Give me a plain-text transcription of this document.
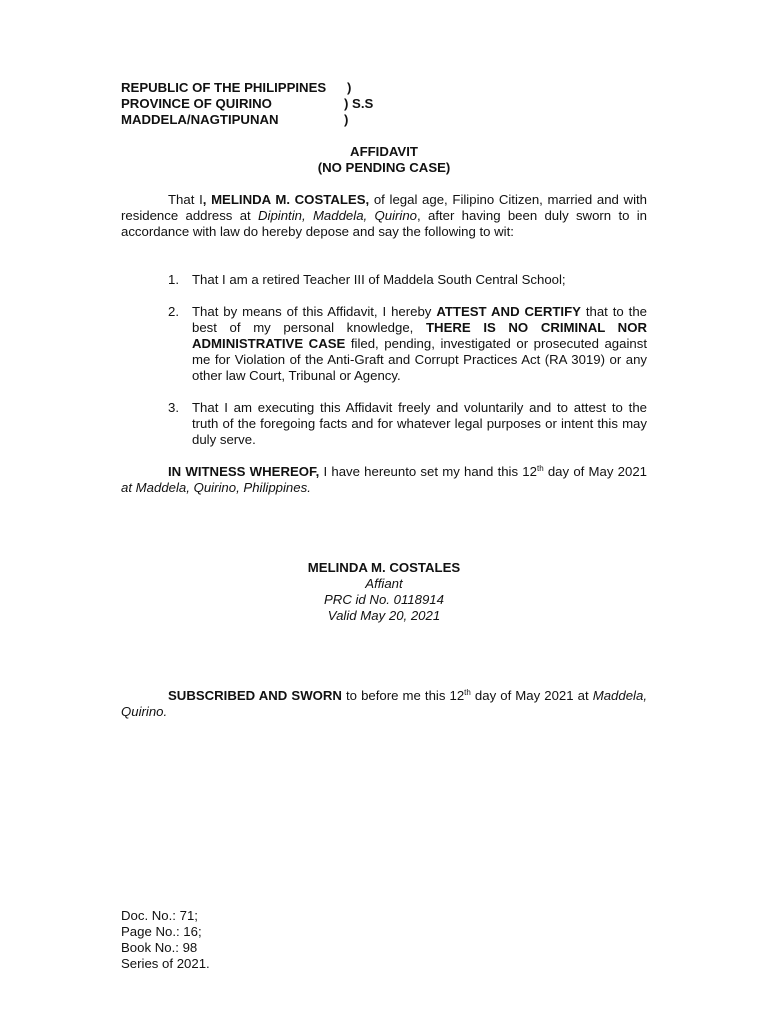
REPUBLIC OF THE PHILIPPINES )
PROVINCE OF QUIRINO	) S.S
MADDELA/NAGTIPUNAN	)
AFFIDAVIT
(NO PENDING CASE)
That I, MELINDA M. COSTALES, of legal age, Filipino Citizen, married and with residence address at Dipintin, Maddela, Quirino, after having been duly sworn to in accordance with law do hereby depose and say the following to wit:
1. That I am a retired Teacher III of Maddela South Central School;
2. That by means of this Affidavit, I hereby ATTEST AND CERTIFY that to the best of my personal knowledge, THERE IS NO CRIMINAL NOR ADMINISTRATIVE CASE filed, pending, investigated or prosecuted against me for Violation of the Anti-Graft and Corrupt Practices Act (RA 3019) or any other law Court, Tribunal or Agency.
3. That I am executing this Affidavit freely and voluntarily and to attest to the truth of the foregoing facts and for whatever legal purposes or intent this may duly serve.
IN WITNESS WHEREOF, I have hereunto set my hand this 12th day of May 2021 at Maddela, Quirino, Philippines.
MELINDA M. COSTALES
Affiant
PRC id No. 0118914
Valid May 20, 2021
SUBSCRIBED AND SWORN to before me this 12th day of May 2021 at Maddela, Quirino.
Doc. No.: 71;
Page No.: 16;
Book No.: 98
Series of 2021.
